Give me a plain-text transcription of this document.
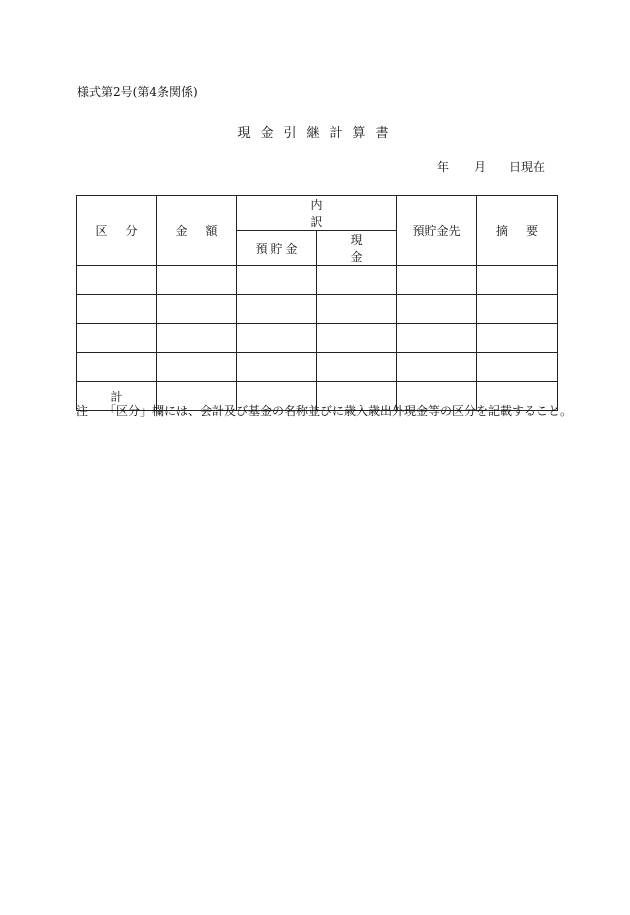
様式第2号(第4条関係)
現金引継計算書
年 月 日現在
区分	金額	内訳		預貯金先	摘要
		預貯金	現金		

計					
注 「区分」欄には、会計及び基金の名称並びに歳入歳出外現金等の区分を記載すること。
